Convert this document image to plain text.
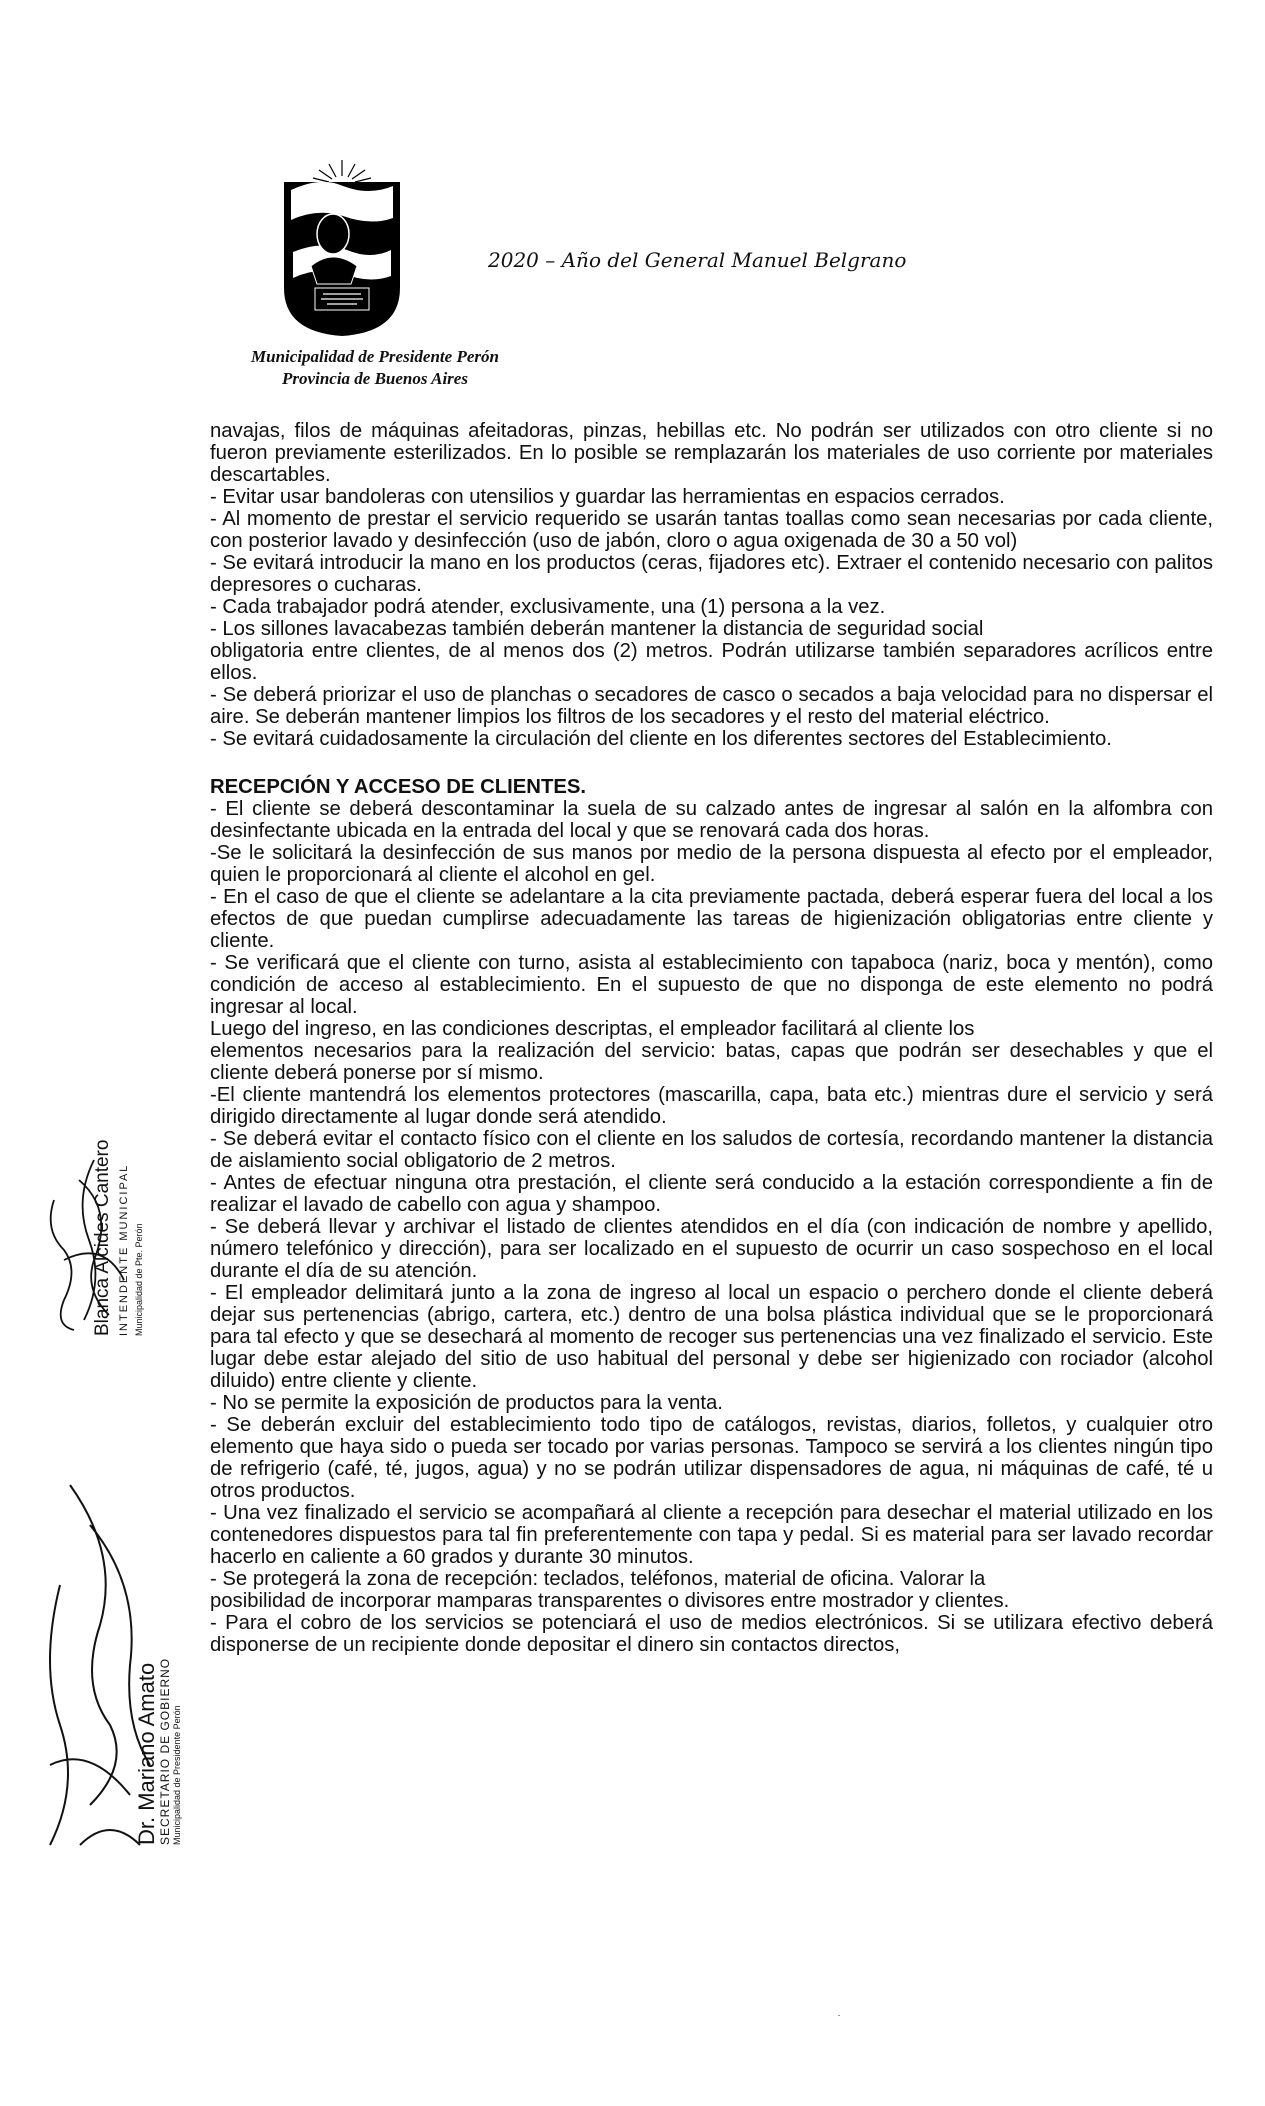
2020 – Año del General Manuel Belgrano
Municipalidad de Presidente Perón
Provincia de Buenos Aires

navajas, filos de máquinas afeitadoras, pinzas, hebillas etc. No podrán ser utilizados con otro cliente si no fueron previamente esterilizados. En lo posible se remplazarán los materiales de uso corriente por materiales descartables.

- Evitar usar bandoleras con utensilios y guardar las herramientas en espacios cerrados.

- Al momento de prestar el servicio requerido se usarán tantas toallas como sean necesarias por cada cliente, con posterior lavado y desinfección (uso de jabón, cloro o agua oxigenada de 30 a 50 vol)

- Se evitará introducir la mano en los productos (ceras, fijadores etc). Extraer el contenido necesario con palitos depresores o cucharas.

- Cada trabajador podrá atender, exclusivamente, una (1) persona a la vez.

- Los sillones lavacabezas también deberán mantener la distancia de seguridad social

obligatoria entre clientes, de al menos dos (2) metros. Podrán utilizarse también separadores acrílicos entre ellos.

- Se deberá priorizar el uso de planchas o secadores de casco o secados a baja velocidad para no dispersar el aire. Se deberán mantener limpios los filtros de los secadores y el resto del material eléctrico.

- Se evitará cuidadosamente la circulación del cliente en los diferentes sectores del Establecimiento.

RECEPCIÓN Y ACCESO DE CLIENTES.

- El cliente se deberá descontaminar la suela de su calzado antes de ingresar al salón en la alfombra con desinfectante ubicada en la entrada del local y que se renovará cada dos horas.

-Se le solicitará la desinfección de sus manos por medio de la persona dispuesta al efecto por el empleador, quien le proporcionará al cliente el alcohol en gel.

- En el caso de que el cliente se adelantare a la cita previamente pactada, deberá esperar fuera del local a los efectos de que puedan cumplirse adecuadamente las tareas de higienización obligatorias entre cliente y cliente.

- Se verificará que el cliente con turno, asista al establecimiento con tapaboca (nariz, boca y mentón), como condición de acceso al establecimiento. En el supuesto de que no disponga de este elemento no podrá ingresar al local.

Luego del ingreso, en las condiciones descriptas, el empleador facilitará al cliente los

elementos necesarios para la realización del servicio: batas, capas que podrán ser desechables y que el cliente deberá ponerse por sí mismo.

-El cliente mantendrá los elementos protectores (mascarilla, capa, bata etc.) mientras dure el servicio y será dirigido directamente al lugar donde será atendido.

- Se deberá evitar el contacto físico con el cliente en los saludos de cortesía, recordando mantener la distancia de aislamiento social obligatorio de 2 metros.

- Antes de efectuar ninguna otra prestación, el cliente será conducido a la estación correspondiente a fin de realizar el lavado de cabello con agua y shampoo.

- Se deberá llevar y archivar el listado de clientes atendidos en el día (con indicación de nombre y apellido, número telefónico y dirección), para ser localizado en el supuesto de ocurrir un caso sospechoso en el local durante el día de su atención.

- El empleador delimitará junto a la zona de ingreso al local un espacio o perchero donde el cliente deberá dejar sus pertenencias (abrigo, cartera, etc.) dentro de una bolsa plástica individual que se le proporcionará para tal efecto y que se desechará al momento de recoger sus pertenencias una vez finalizado el servicio. Este lugar debe estar alejado del sitio de uso habitual del personal y debe ser higienizado con rociador (alcohol diluido) entre cliente y cliente.

- No se permite la exposición de productos para la venta.

- Se deberán excluir del establecimiento todo tipo de catálogos, revistas, diarios, folletos, y cualquier otro elemento que haya sido o pueda ser tocado por varias personas. Tampoco se servirá a los clientes ningún tipo de refrigerio (café, té, jugos, agua) y no se podrán utilizar dispensadores de agua, ni máquinas de café, té u otros productos.

- Una vez finalizado el servicio se acompañará al cliente a recepción para desechar el material utilizado en los contenedores dispuestos para tal fin preferentemente con tapa y pedal. Si es material para ser lavado recordar hacerlo en caliente a 60 grados y durante 30 minutos.

- Se protegerá la zona de recepción: teclados, teléfonos, material de oficina. Valorar la

posibilidad de incorporar mamparas transparentes o divisores entre mostrador y clientes.

- Para el cobro de los servicios se potenciará el uso de medios electrónicos. Si se utilizara efectivo deberá disponerse de un recipiente donde depositar el dinero sin contactos directos,

Blanca Alcides Cantero INTENDENTE MUNICIPAL Municipalidad de Pte. Perón
Dr. Mariano Amato SECRETARIO DE GOBIERNO Municipalidad de Presidente Perón
